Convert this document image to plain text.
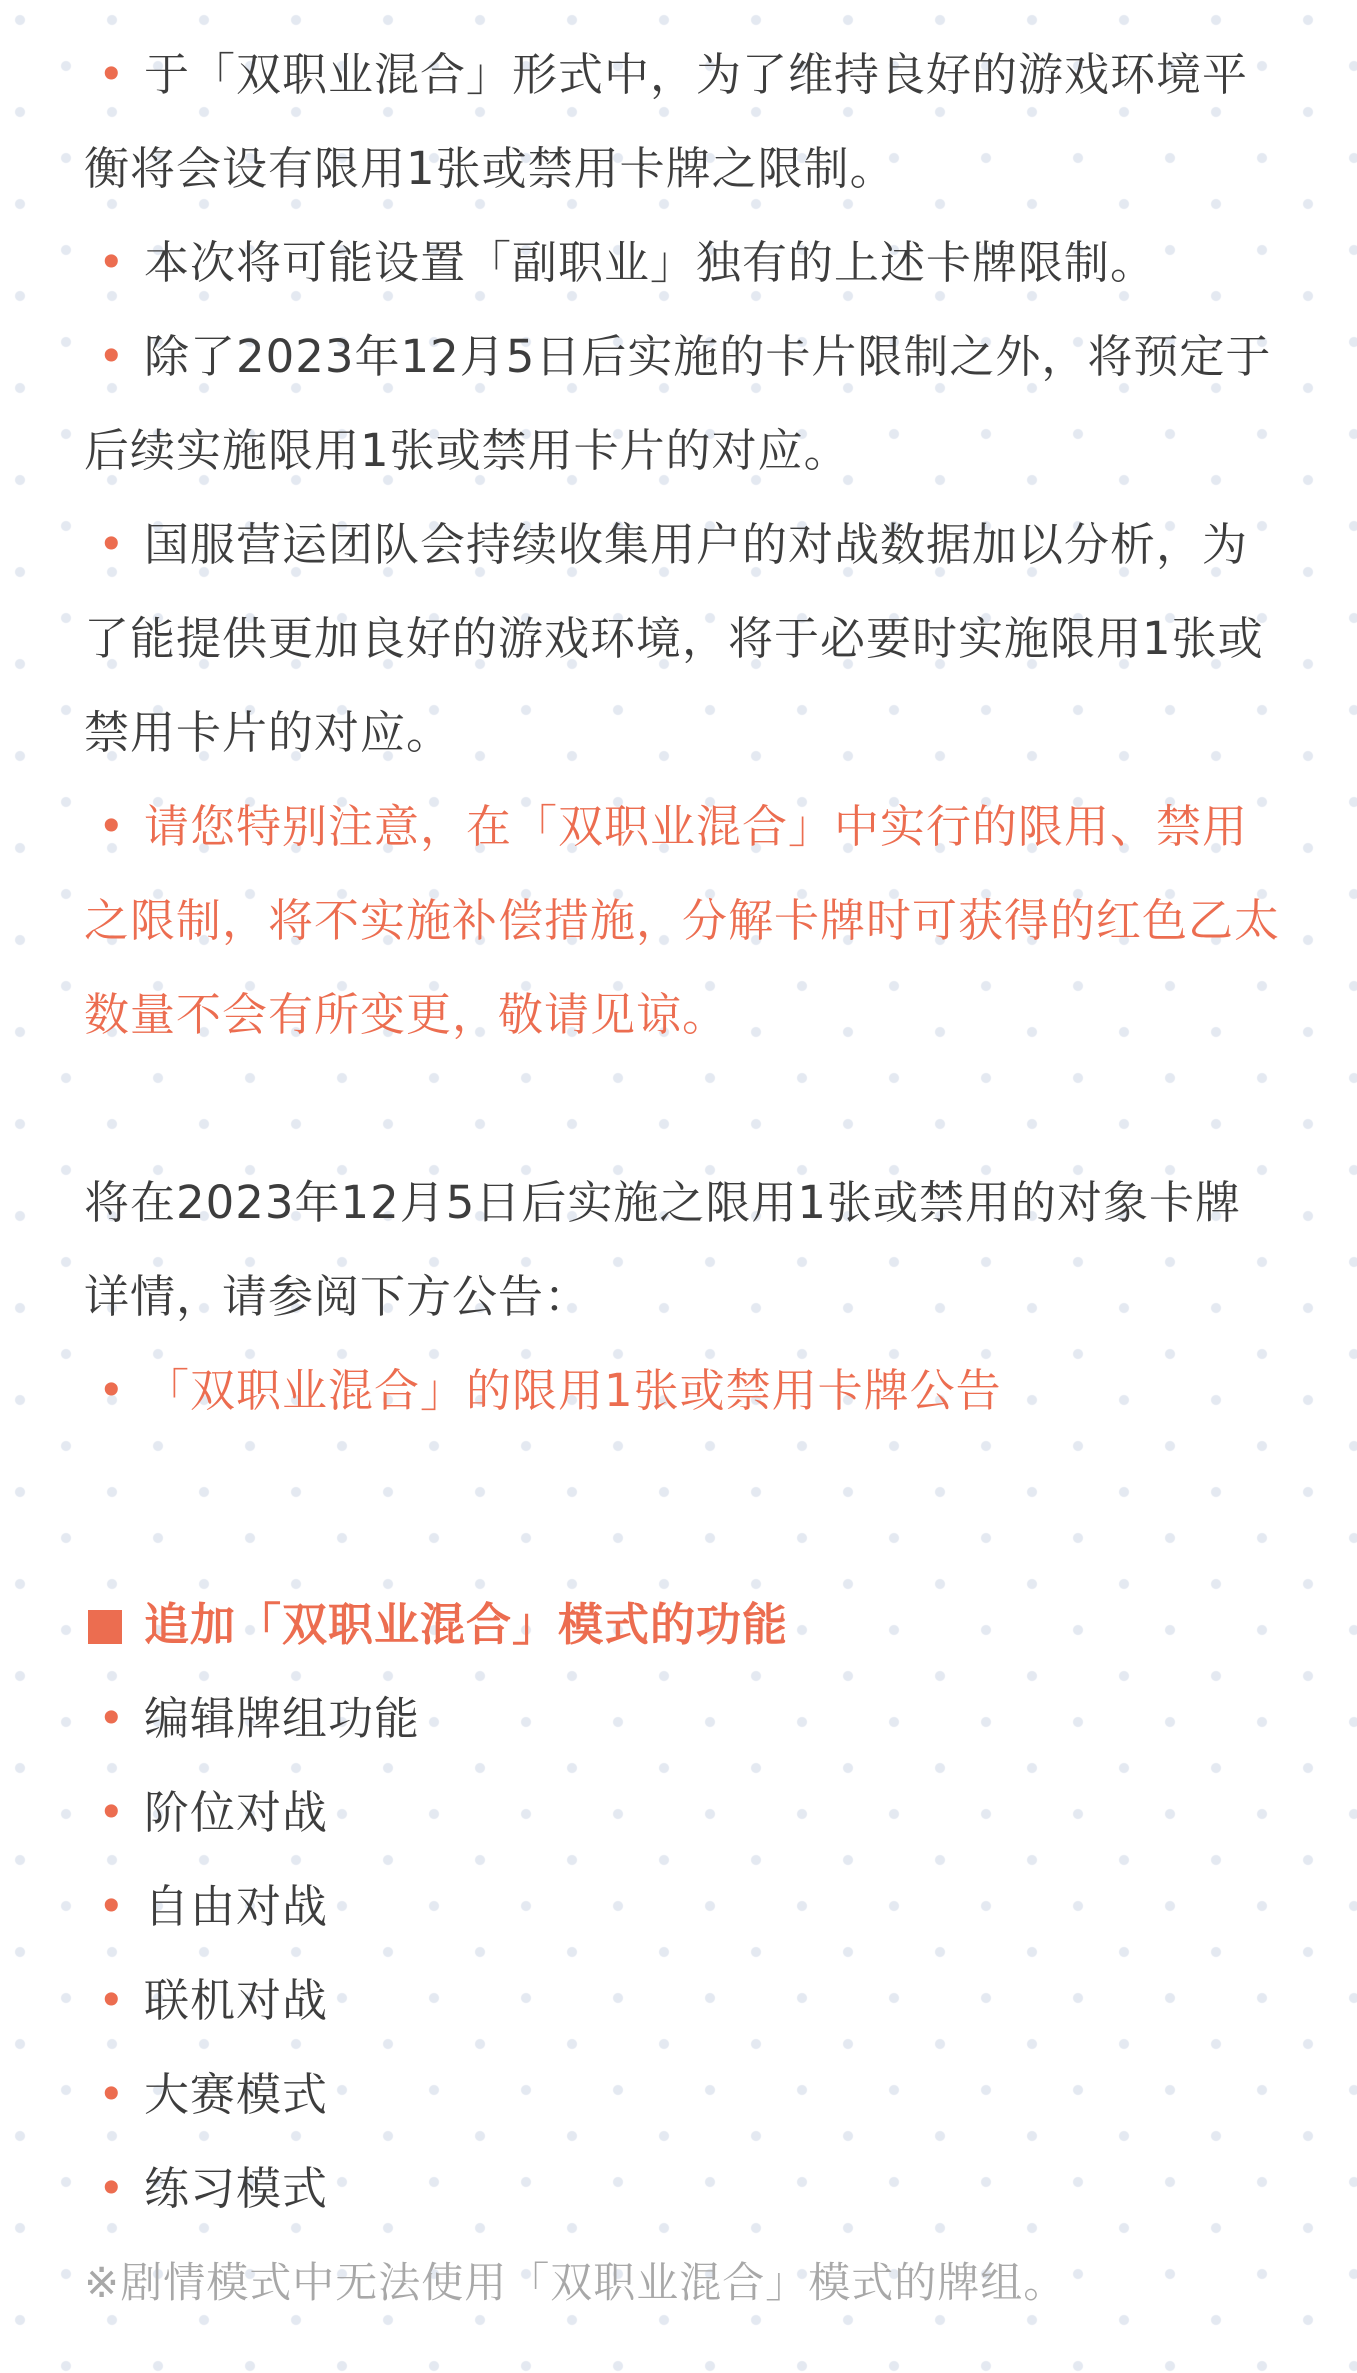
• 于「双职业混合」形式中，为了维持良好的游戏环境平衡将会设有限用1张或禁用卡牌之限制。

• 本次将可能设置「副职业」独有的上述卡牌限制。

• 除了2023年12月5日后实施的卡片限制之外，将预定于后续实施限用1张或禁用卡片的对应。

• 国服营运团队会持续收集用户的对战数据加以分析，为了能提供更加良好的游戏环境，将于必要时实施限用1张或禁用卡片的对应。

• 请您特别注意，在「双职业混合」中实行的限用、禁用之限制，将不实施补偿措施，分解卡牌时可获得的红色乙太数量不会有所变更，敬请见谅。

将在2023年12月5日后实施之限用1张或禁用的对象卡牌详情，请参阅下方公告：

• 「双职业混合」的限用1张或禁用卡牌公告

追加「双职业混合」模式的功能

• 编辑牌组功能

• 阶位对战

• 自由对战

• 联机对战

• 大赛模式

• 练习模式

※剧情模式中无法使用「双职业混合」模式的牌组。
